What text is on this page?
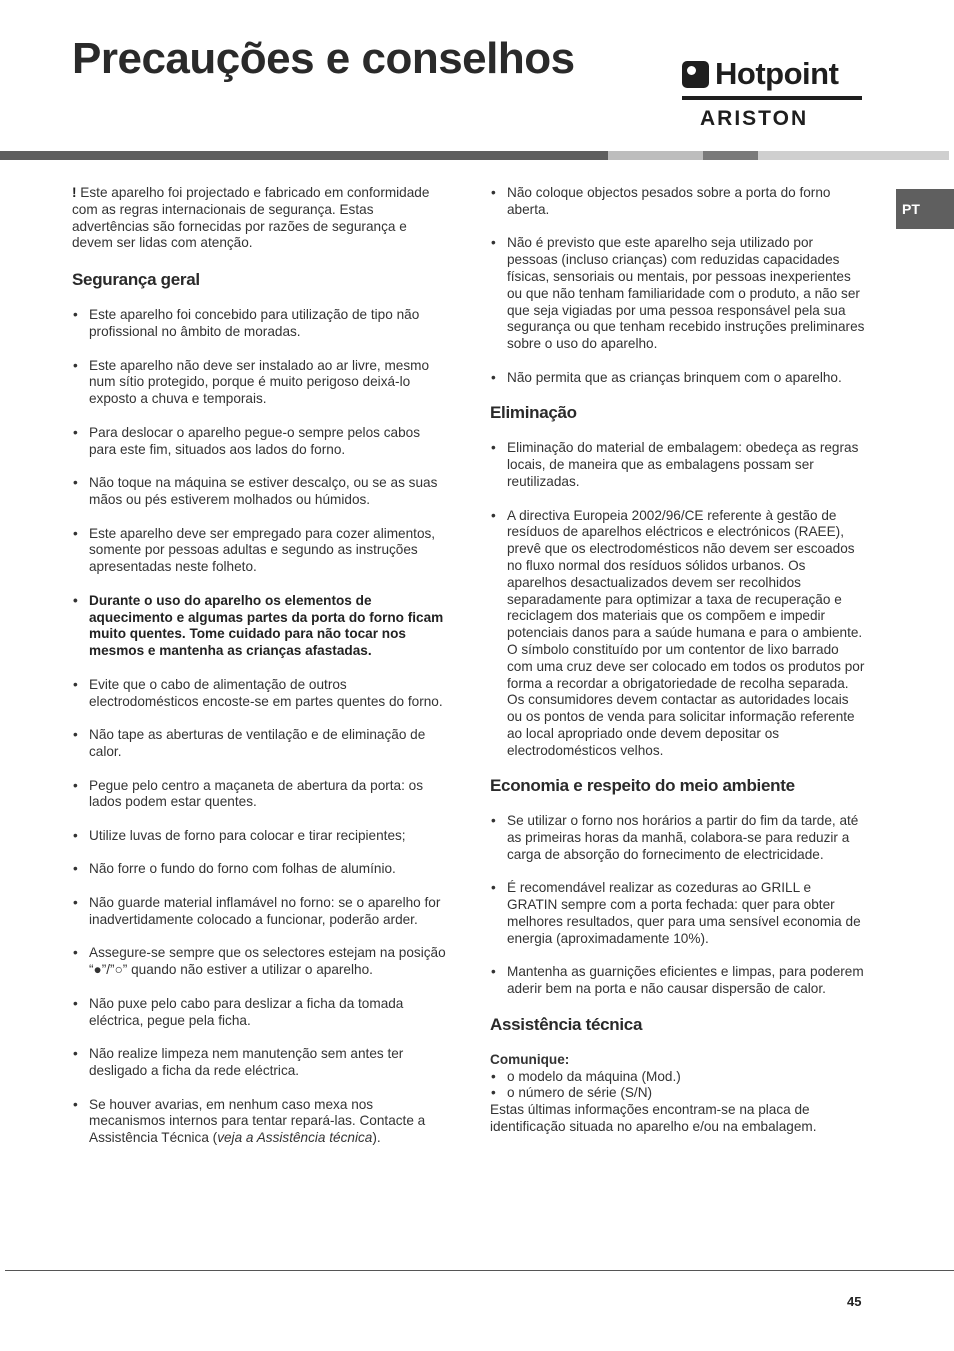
Precauções e conselhos	Hotpoint
ARISTON
PT

! Este aparelho foi projectado e fabricado em conformidade com as regras internacionais de segurança. Estas advertências são fornecidas por razões de segurança e devem ser lidas com atenção.

Segurança geral
• Este aparelho foi concebido para utilização de tipo não profissional no âmbito de moradas.
• Este aparelho não deve ser instalado ao ar livre, mesmo num sítio protegido, porque é muito perigoso deixá-lo exposto a chuva e temporais.
• Para deslocar o aparelho pegue-o sempre pelos cabos para este fim, situados aos lados do forno.
• Não toque na máquina se estiver descalço, ou se as suas mãos ou pés estiverem molhados ou húmidos.
• Este aparelho deve ser empregado para cozer alimentos, somente por pessoas adultas e segundo as instruções apresentadas neste folheto.
• Durante o uso do aparelho os elementos de aquecimento e algumas partes da porta do forno ficam muito quentes. Tome cuidado para não tocar nos mesmos e mantenha as crianças afastadas.
• Evite que o cabo de alimentação de outros electrodomésticos encoste-se em partes quentes do forno.
• Não tape as aberturas de ventilação e de eliminação de calor.
• Pegue pelo centro a maçaneta de abertura da porta: os lados podem estar quentes.
• Utilize luvas de forno para colocar e tirar recipientes;
• Não forre o fundo do forno com folhas de alumínio.
• Não guarde material inflamável no forno: se o aparelho for inadvertidamente colocado a funcionar, poderão arder.
• Assegure-se sempre que os selectores estejam na posição “●”/”○” quando não estiver a utilizar o aparelho.
• Não puxe pelo cabo para deslizar a ficha da tomada eléctrica, pegue pela ficha.
• Não realize limpeza nem manutenção sem antes ter desligado a ficha da rede eléctrica.
• Se houver avarias, em nenhum caso mexa nos mecanismos internos para tentar repará-las. Contacte a Assistência Técnica (veja a Assistência técnica).
• Não coloque objectos pesados sobre a porta do forno aberta.
• Não é previsto que este aparelho seja utilizado por pessoas (incluso crianças) com reduzidas capacidades físicas, sensoriais ou mentais, por pessoas inexperientes ou que não tenham familiaridade com o produto, a não ser que seja vigiadas por uma pessoa responsável pela sua segurança ou que tenham recebido instruções preliminares sobre o uso do aparelho.
• Não permita que as crianças brinquem com o aparelho.
Eliminação
• Eliminação do material de embalagem: obedeça as regras locais, de maneira que as embalagens possam ser reutilizadas.
• A directiva Europeia 2002/96/CE referente à gestão de resíduos de aparelhos eléctricos e electrónicos (RAEE), prevê que os electrodomésticos não devem ser escoados no fluxo normal dos resíduos sólidos urbanos. Os aparelhos desactualizados devem ser recolhidos separadamente para optimizar a taxa de recuperação e reciclagem dos materiais que os compõem e impedir potenciais danos para a saúde humana e para o ambiente. O símbolo constituído por um contentor de lixo barrado com uma cruz deve ser colocado em todos os produtos por forma a recordar a obrigatoriedade de recolha separada. Os consumidores devem contactar as autoridades locais ou os pontos de venda para solicitar informação referente ao local apropriado onde devem depositar os electrodomésticos velhos.
Economia e respeito do meio ambiente
• Se utilizar o forno nos horários a partir do fim da tarde, até as primeiras horas da manhã, colabora-se para reduzir a carga de absorção do fornecimento de electricidade.
• É recomendável realizar as cozeduras ao GRILL e GRATIN sempre com a porta fechada: quer para obter melhores resultados, quer para uma sensível economia de energia (aproximadamente 10%).
• Mantenha as guarnições eficientes e limpas, para poderem aderir bem na porta e não causar dispersão de calor.
Assistência técnica

Comunique:

• o modelo da máquina (Mod.)
• o número de série (S/N)

Estas últimas informações encontram-se na placa de identificação situada no aparelho e/ou na embalagem.

45
